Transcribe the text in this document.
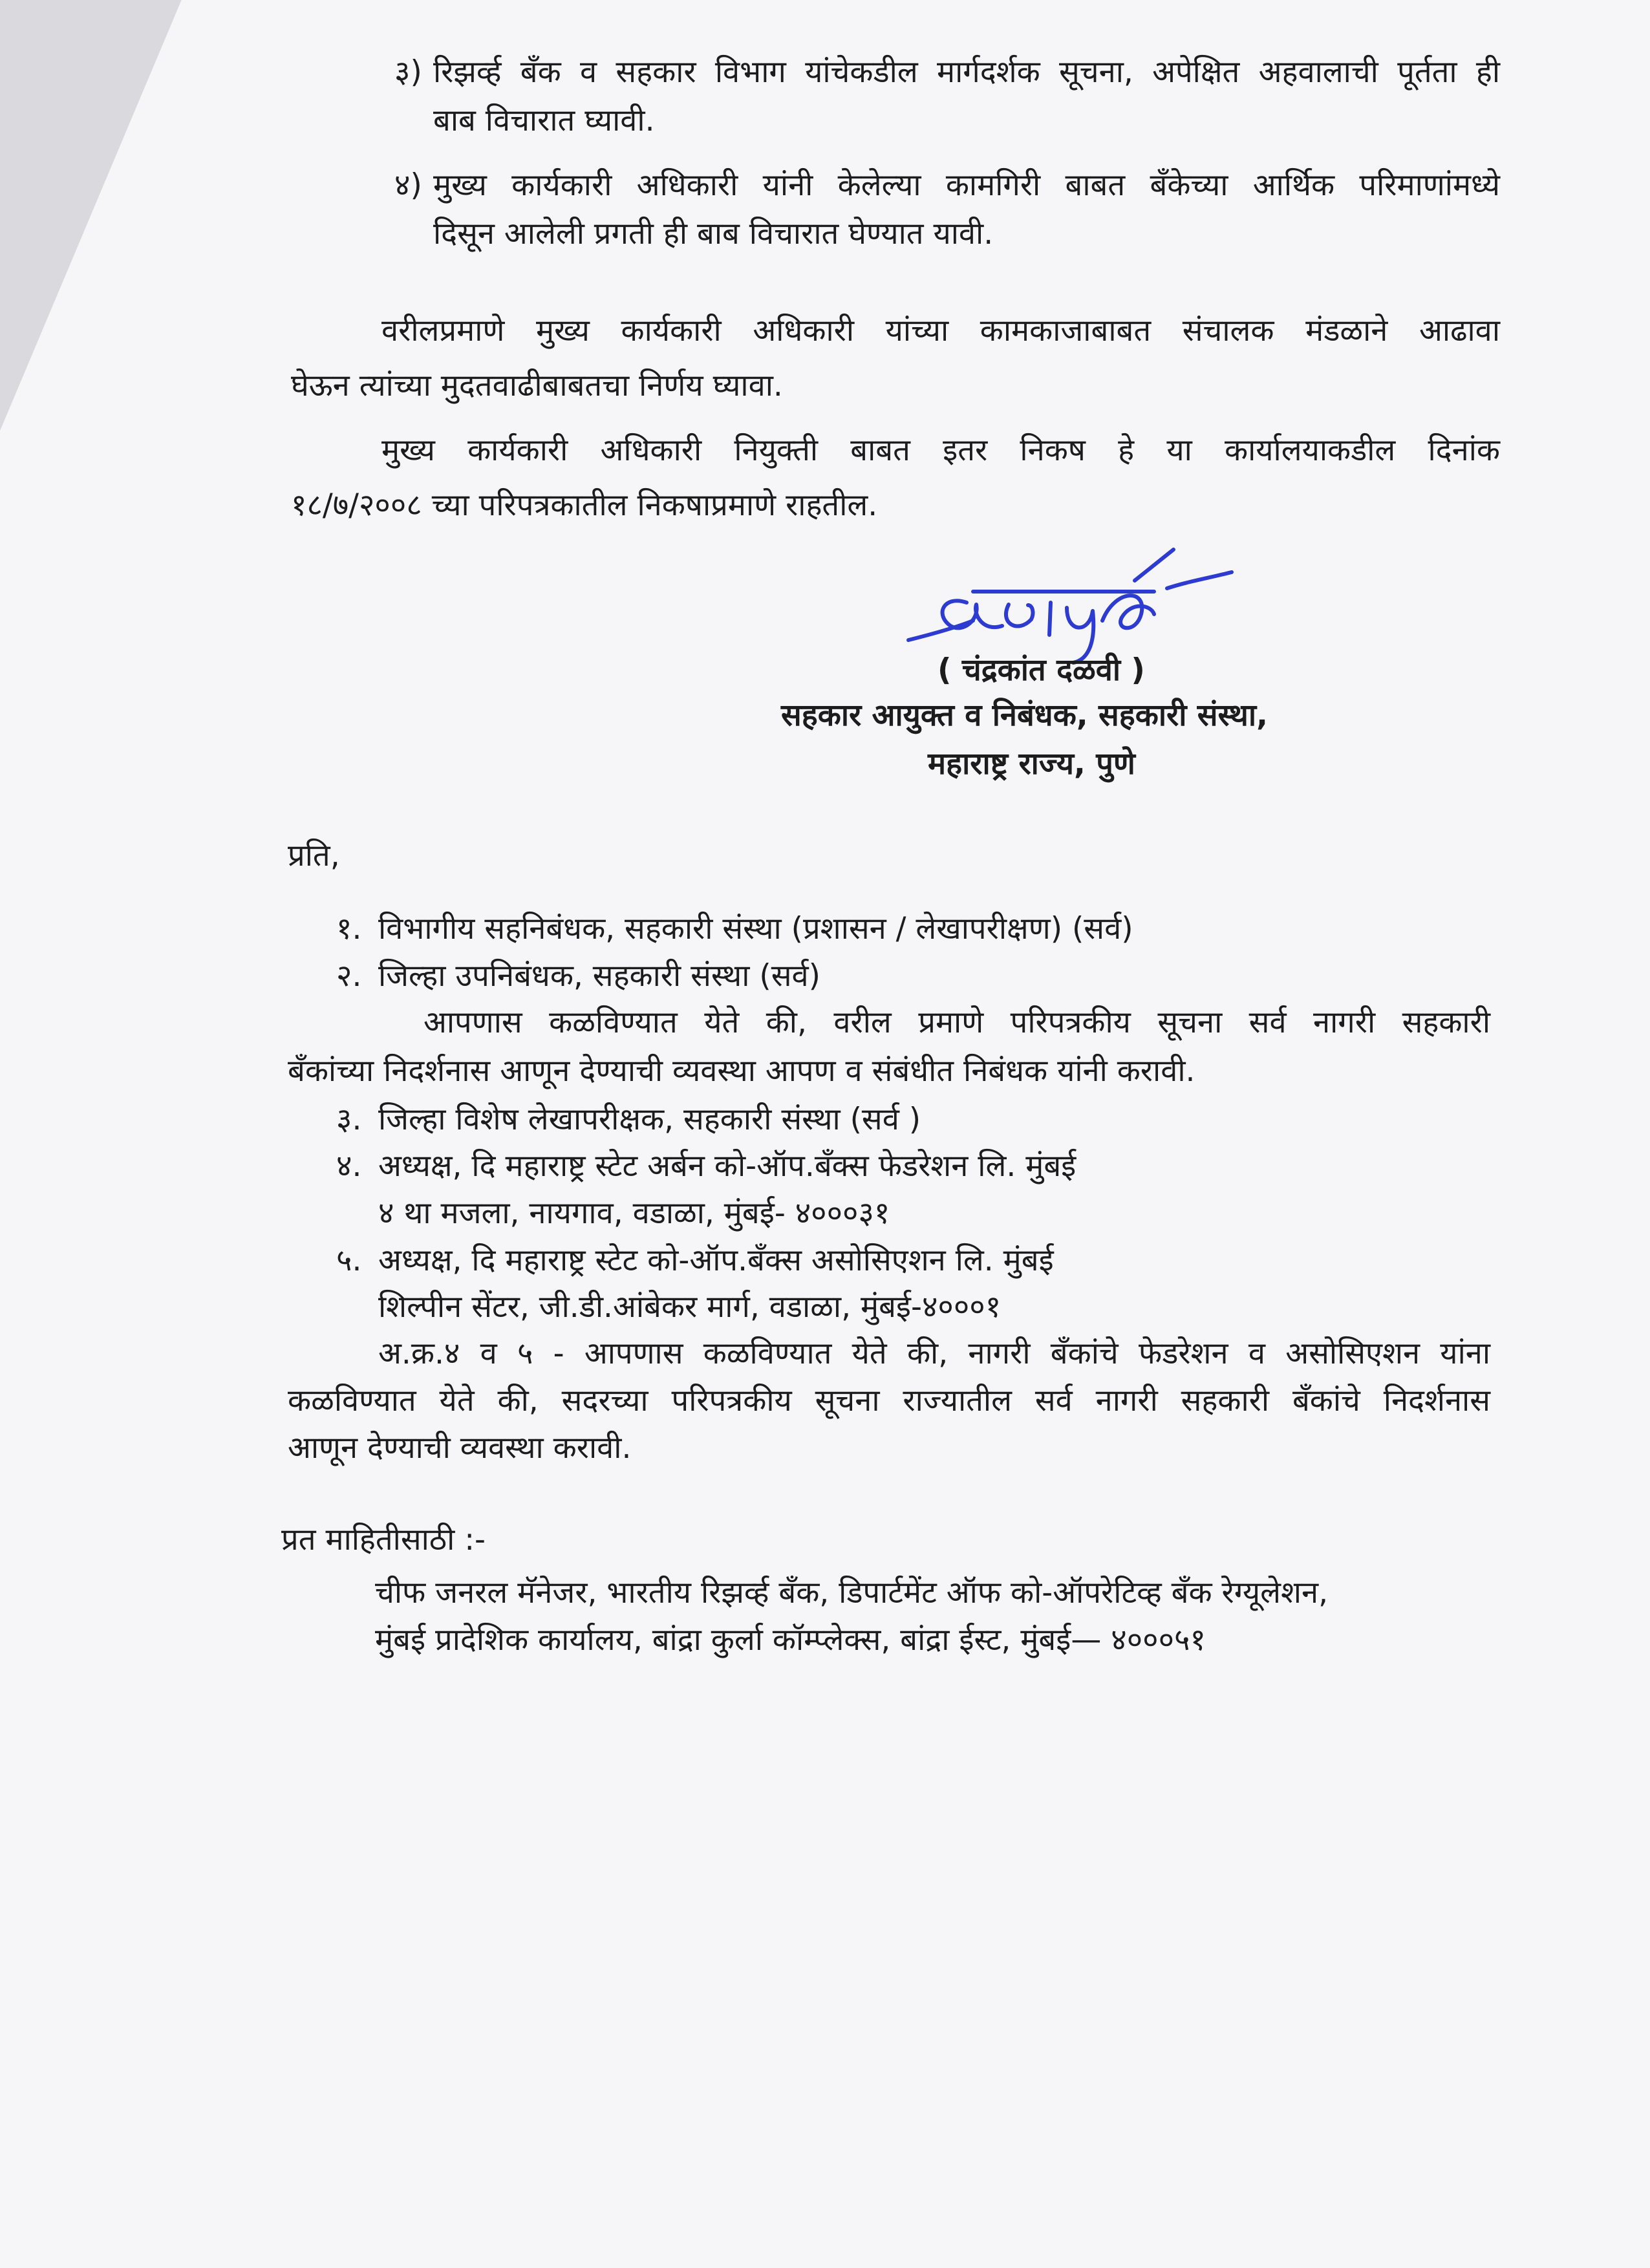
३) रिझर्व्ह बँक व सहकार विभाग यांचेकडील मार्गदर्शक सूचना, अपेक्षित अहवालाची पूर्तता ही
बाब विचारात घ्यावी.
४) मुख्य कार्यकारी अधिकारी यांनी केलेल्या कामगिरी बाबत बँकेच्या आर्थिक परिमाणांमध्ये
दिसून आलेली प्रगती ही बाब विचारात घेण्यात यावी.
वरीलप्रमाणे मुख्य कार्यकारी अधिकारी यांच्या कामकाजाबाबत संचालक मंडळाने आढावा
घेऊन त्यांच्या मुदतवाढीबाबतचा निर्णय घ्यावा.
मुख्य कार्यकारी अधिकारी नियुक्ती बाबत इतर निकष हे या कार्यालयाकडील दिनांक
१८/७/२००८ च्या परिपत्रकातील निकषाप्रमाणे राहतील.
( चंद्रकांत दळवी )
सहकार आयुक्त व निबंधक, सहकारी संस्था,
महाराष्ट्र राज्य, पुणे
प्रति,
१. विभागीय सहनिबंधक, सहकारी संस्था (प्रशासन / लेखापरीक्षण) (सर्व)
२. जिल्हा उपनिबंधक, सहकारी संस्था (सर्व)
आपणास कळविण्यात येते की, वरील प्रमाणे परिपत्रकीय सूचना सर्व नागरी सहकारी
बँकांच्या निदर्शनास आणून देण्याची व्यवस्था आपण व संबंधीत निबंधक यांनी करावी.
३. जिल्हा विशेष लेखापरीक्षक, सहकारी संस्था (सर्व )
४. अध्यक्ष, दि महाराष्ट्र स्टेट अर्बन को-ऑप.बँक्स फेडरेशन लि. मुंबई
४ था मजला, नायगाव, वडाळा, मुंबई- ४०००३१
५. अध्यक्ष, दि महाराष्ट्र स्टेट को-ऑप.बँक्स असोसिएशन लि. मुंबई
शिल्पीन सेंटर, जी.डी.आंबेकर मार्ग, वडाळा, मुंबई-४०००१
अ.क्र.४ व ५ - आपणास कळविण्यात येते की, नागरी बँकांचे फेडरेशन व असोसिएशन यांना
कळविण्यात येते की, सदरच्या परिपत्रकीय सूचना राज्यातील सर्व नागरी सहकारी बँकांचे निदर्शनास
आणून देण्याची व्यवस्था करावी.
प्रत माहितीसाठी :-
चीफ जनरल मॅनेजर, भारतीय रिझर्व्ह बँक, डिपार्टमेंट ऑफ को-ऑपरेटिव्ह बँक रेग्यूलेशन,
मुंबई प्रादेशिक कार्यालय, बांद्रा कुर्ला कॉम्प्लेक्स, बांद्रा ईस्ट, मुंबई— ४०००५१
